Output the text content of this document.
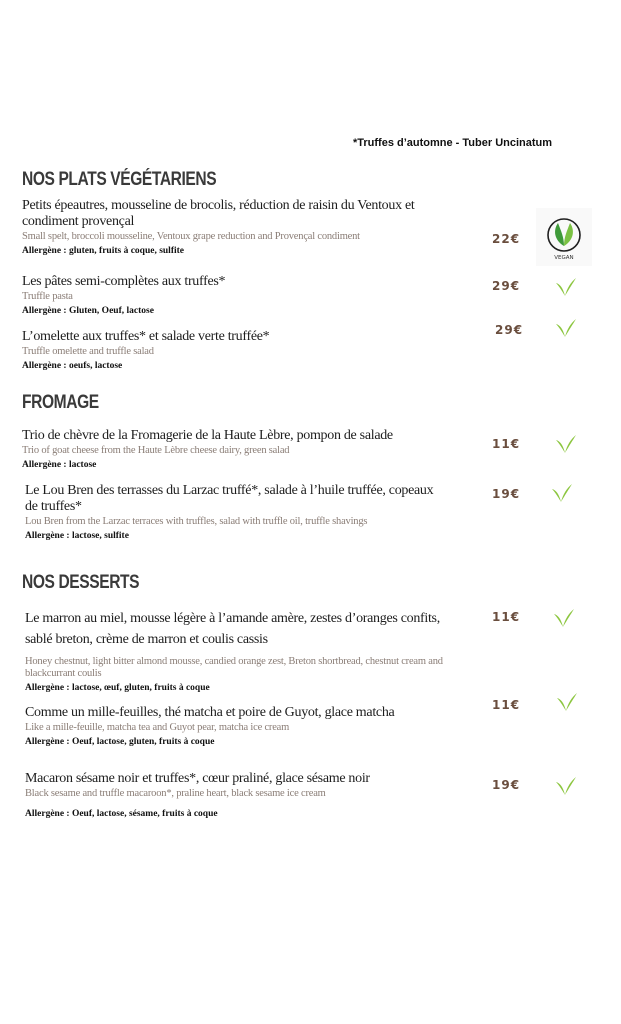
*Truffes d’automne - Tuber Uncinatum
NOS PLATS VÉGÉTARIENS
Petits épeautres, mousseline de brocolis, réduction de raisin du Ventoux et condiment provençal
Small spelt, broccoli mousseline, Ventoux grape reduction and Provençal condiment
Allergène : gluten, fruits à coque, sulfite
22€
VEGAN
Les pâtes semi-complètes aux truffes*
Truffle pasta
Allergène : Gluten, Oeuf, lactose
29€
L’omelette aux truffes* et salade verte truffée*
Truffle omelette and truffle salad
Allergène : oeufs, lactose
29€
FROMAGE
Trio de chèvre de la Fromagerie de la Haute Lèbre, pompon de salade
Trio of goat cheese from the Haute Lèbre cheese dairy, green salad
Allergène : lactose
11€
Le Lou Bren des terrasses du Larzac truffé*, salade à l’huile truffée, copeaux de truffes*
Lou Bren from the Larzac terraces with truffles, salad with truffle oil, truffle shavings
Allergène : lactose, sulfite
19€
NOS DESSERTS
Le marron au miel, mousse légère à l’amande amère, zestes d’oranges confits, sablé breton, crème de marron et coulis cassis
Honey chestnut, light bitter almond mousse, candied orange zest, Breton shortbread, chestnut cream and blackcurrant coulis
Allergène : lactose, œuf, gluten, fruits à coque
11€
Comme un mille-feuilles, thé matcha et poire de Guyot, glace matcha
Like a mille-feuille, matcha tea and Guyot pear, matcha ice cream
Allergène : Oeuf, lactose, gluten, fruits à coque
11€
Macaron sésame noir et truffes*, cœur praliné, glace sésame noir
Black sesame and truffle macaroon*, praline heart, black sesame ice cream
Allergène : Oeuf, lactose, sésame, fruits à coque
19€
